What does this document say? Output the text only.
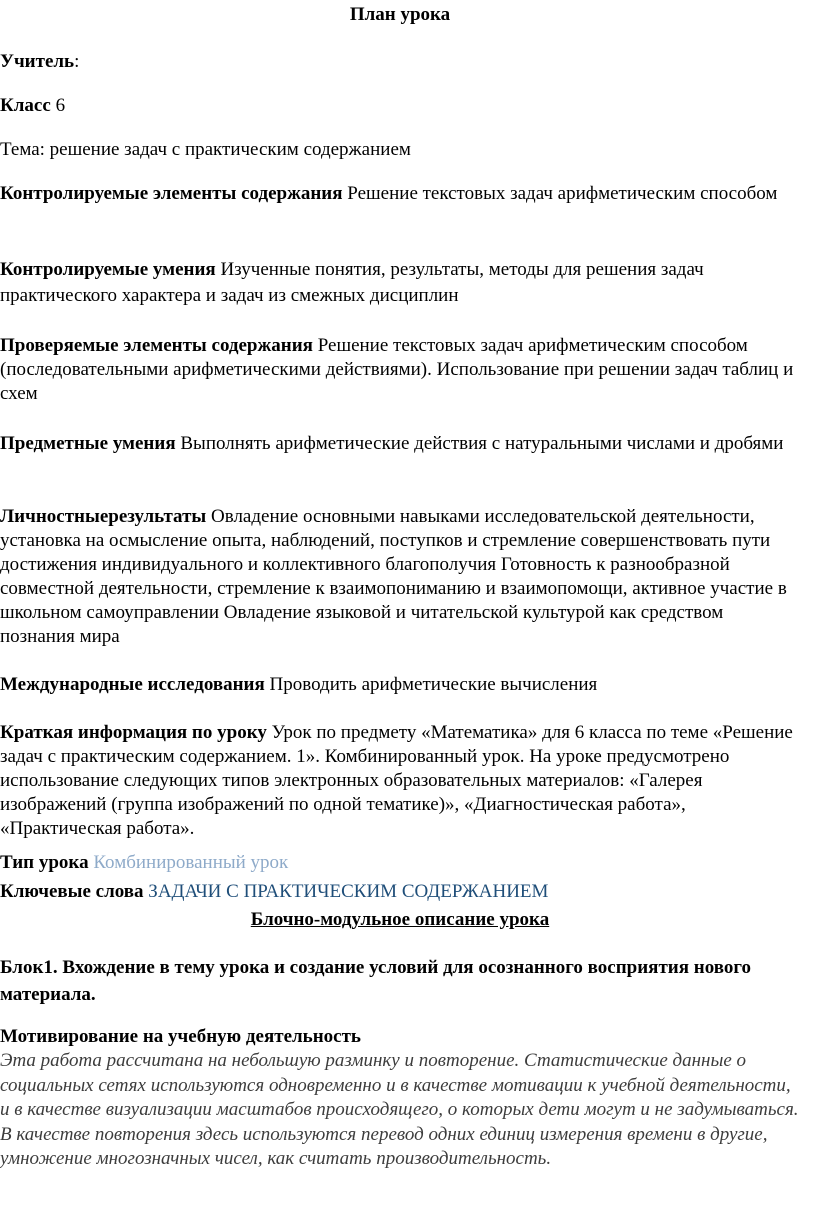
План урока
Учитель:
Класс 6
Тема: решение задач с практическим содержанием
Контролируемые элементы содержания Решение текстовых задач арифметическим способом
Контролируемые умения Изученные понятия, результаты, методы для решения задач практического характера и задач из смежных дисциплин
Проверяемые элементы содержания Решение текстовых задач арифметическим способом (последовательными арифметическими действиями). Использование при решении задач таблиц и схем
Предметные умения Выполнять арифметические действия с натуральными числами и дробями
Личностныерезультаты Овладение основными навыками исследовательской деятельности, установка на осмысление опыта, наблюдений, поступков и стремление совершенствовать пути достижения индивидуального и коллективного благополучия Готовность к разнообразной совместной деятельности, стремление к взаимопониманию и взаимопомощи, активное участие в школьном самоуправлении Овладение языковой и читательской культурой как средством познания мира
Международные исследования Проводить арифметические вычисления
Краткая информация по уроку Урок по предмету «Математика» для 6 класса по теме «Решение задач с практическим содержанием. 1». Комбинированный урок. На уроке предусмотрено использование следующих типов электронных образовательных материалов: «Галерея изображений (группа изображений по одной тематике)», «Диагностическая работа», «Практическая работа».
Тип урока Комбинированный урок
Ключевые слова ЗАДАЧИ С ПРАКТИЧЕСКИМ СОДЕРЖАНИЕМ
Блочно-модульное описание урока
Блок1. Вхождение в тему урока и создание условий для осознанного восприятия нового материала.
Мотивирование на учебную деятельность
Эта работа рассчитана на небольшую разминку и повторение. Статистические данные о социальных сетях используются одновременно и в качестве мотивации к учебной деятельности, и в качестве визуализации масштабов происходящего, о которых дети могут и не задумываться. В качестве повторения здесь используются перевод одних единиц измерения времени в другие, умножение многозначных чисел, как считать производительность.
